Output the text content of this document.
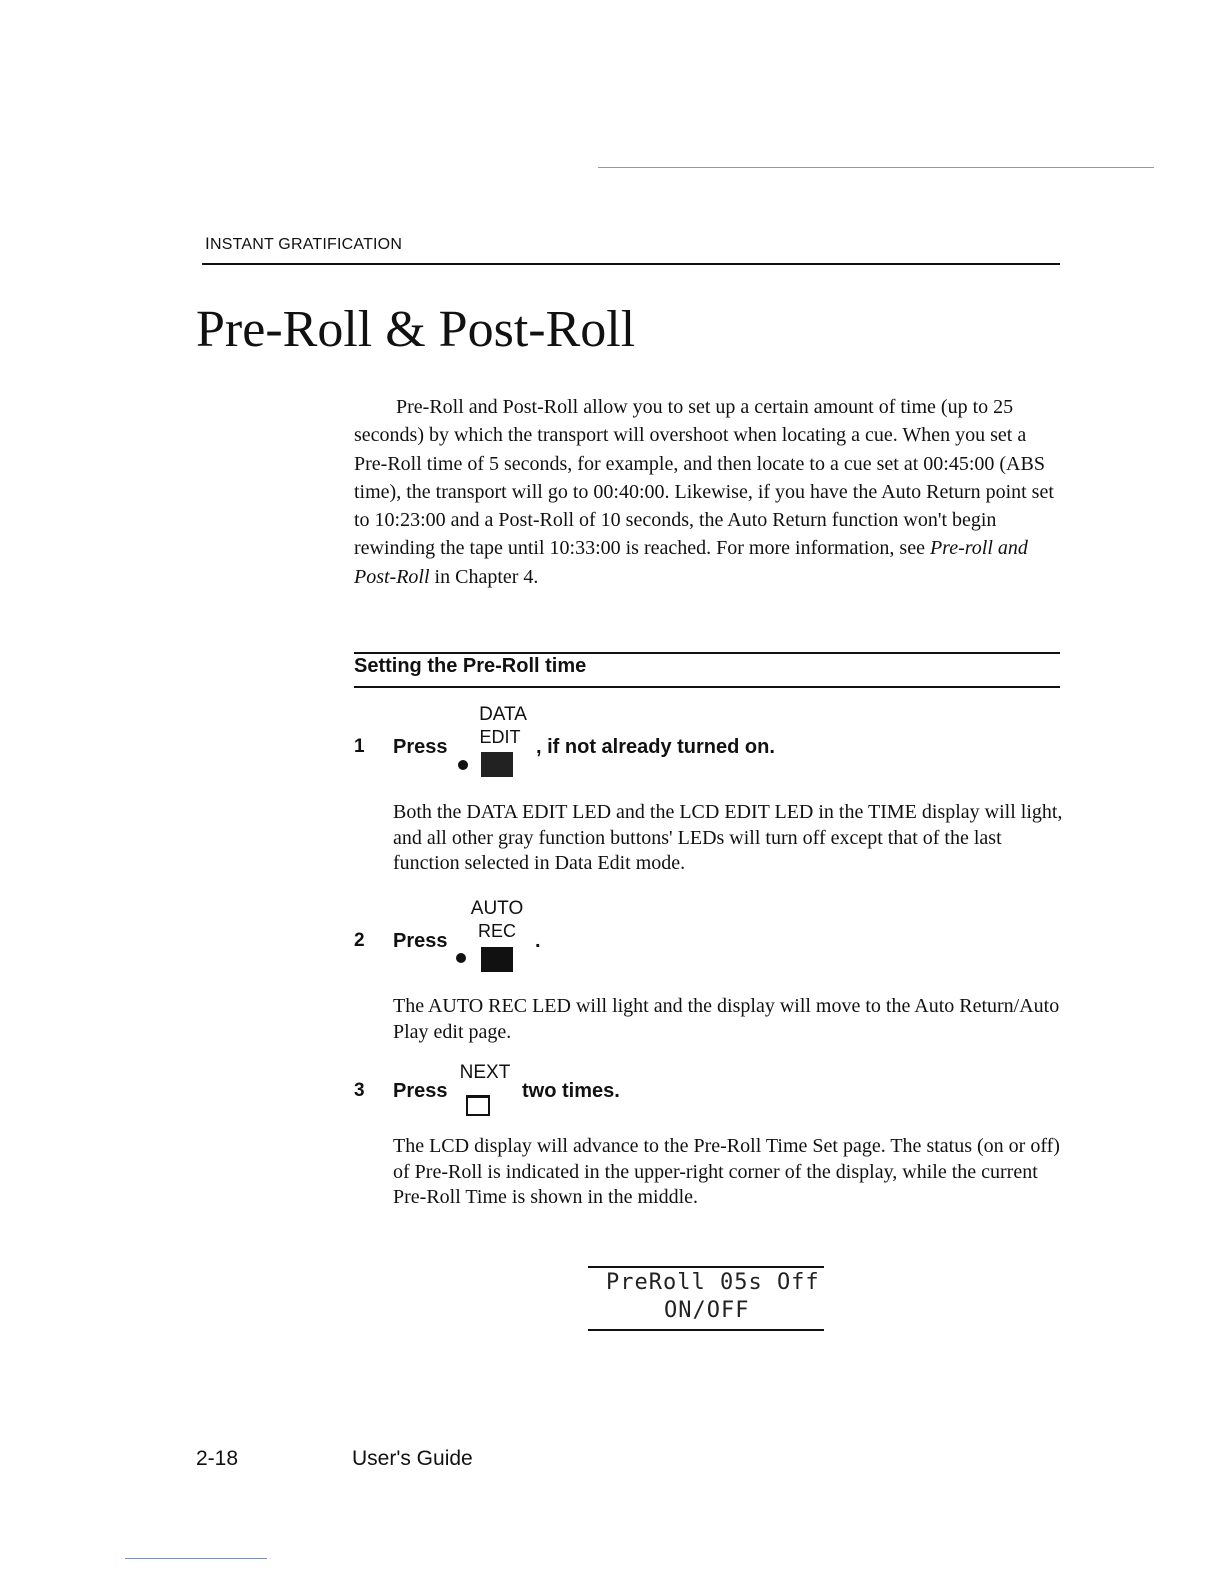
INSTANT GRATIFICATION
Pre-Roll & Post-Roll
Pre-Roll and Post-Roll allow you to set up a certain amount of time (up to 25 seconds) by which the transport will overshoot when locating a cue. When you set a Pre-Roll time of 5 seconds, for example, and then locate to a cue set at 00:45:00 (ABS time), the transport will go to 00:40:00. Likewise, if you have the Auto Return point set to 10:23:00 and a Post-Roll of 10 seconds, the Auto Return function won't begin rewinding the tape until 10:33:00 is reached. For more information, see Pre-roll and Post-Roll in Chapter 4.
Setting the Pre-Roll time
1 Press
DATA
EDIT , if not already turned on.
Both the DATA EDIT LED and the LCD EDIT LED in the TIME display will light, and all other gray function buttons' LEDs will turn off except that of the last function selected in Data Edit mode.
2 Press
AUTO
REC .
The AUTO REC LED will light and the display will move to the Auto Return/Auto Play edit page.
3 Press
NEXT
two times.
The LCD display will advance to the Pre-Roll Time Set page. The status (on or off) of Pre-Roll is indicated in the upper-right corner of the display, while the current Pre-Roll Time is shown in the middle.
PreRoll 05s Off
ON/OFF
2-18	User's Guide
